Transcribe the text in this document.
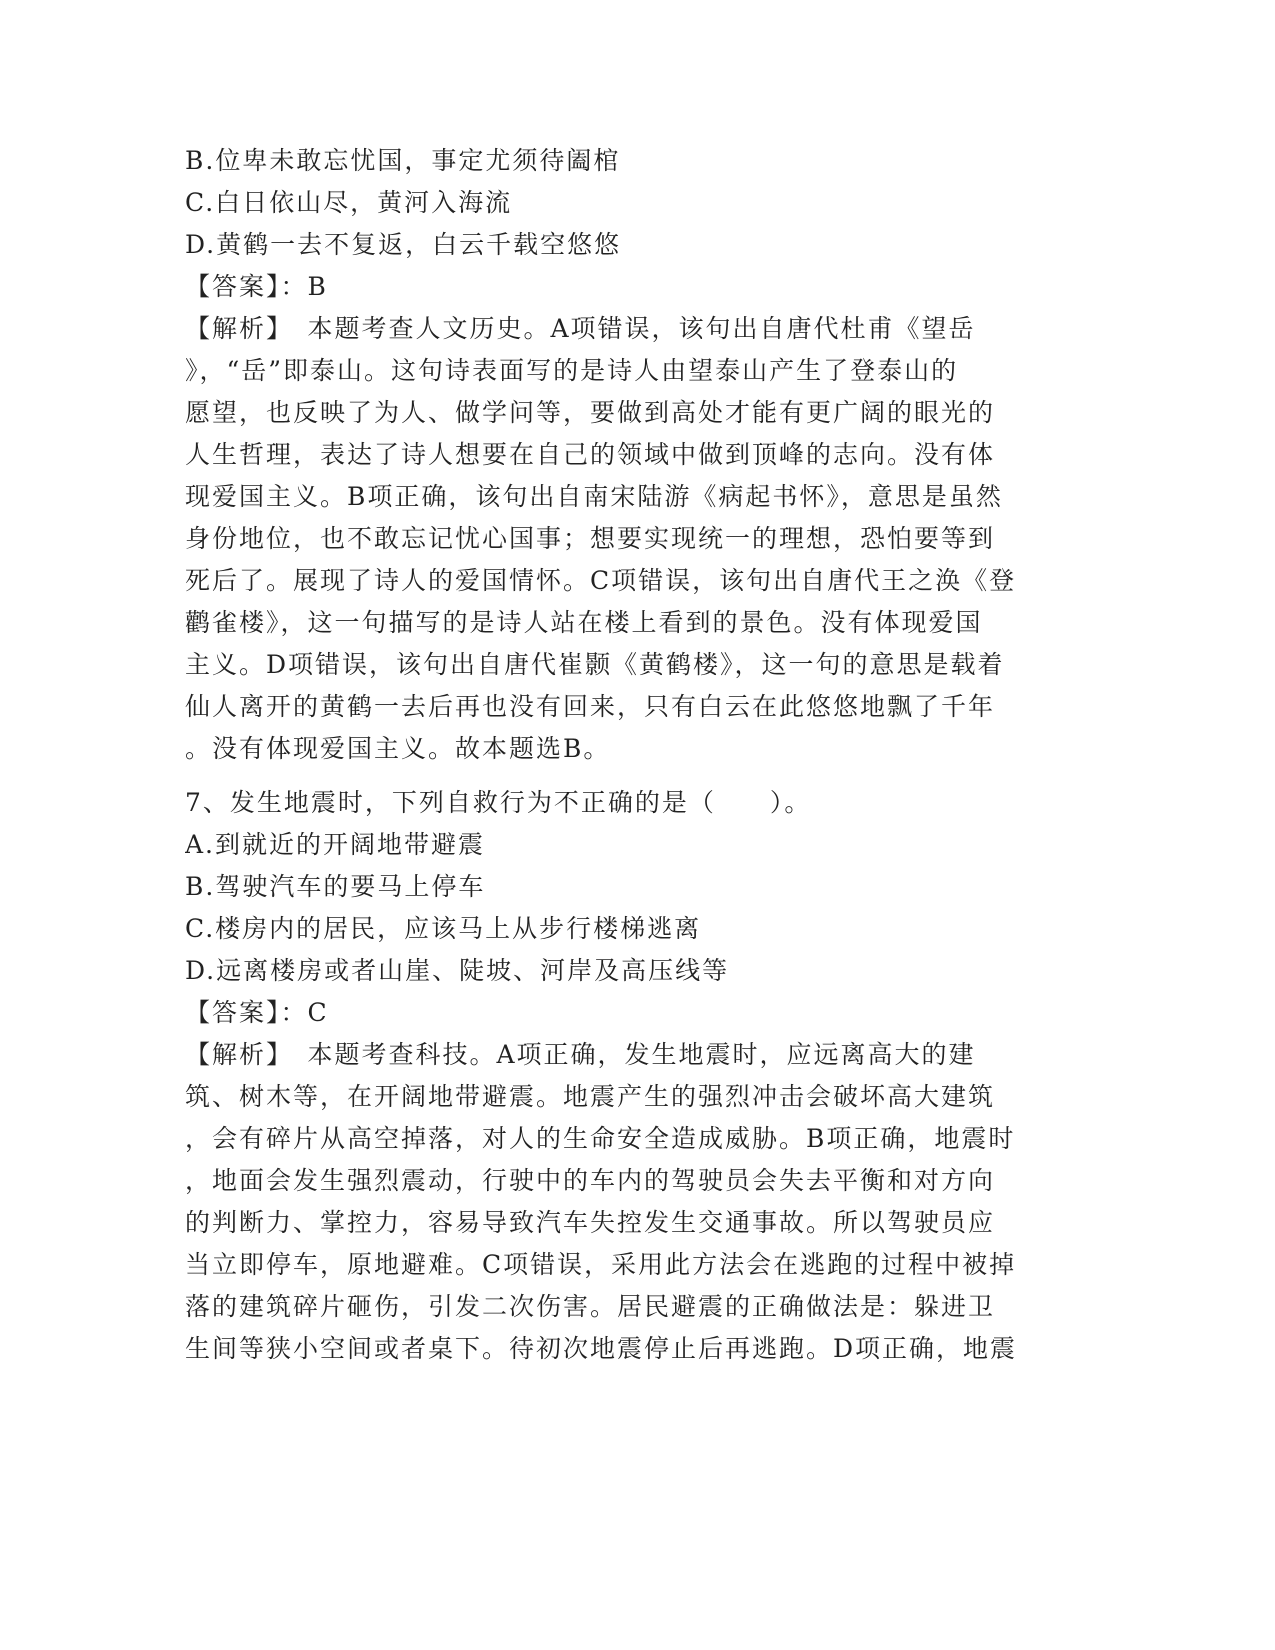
B.位卑未敢忘忧国，事定尤须待阖棺
C.白日依山尽，黄河入海流
D.黄鹤一去不复返，白云千载空悠悠
【答案】：B
【解析】　本题考查人文历史。A项错误，该句出自唐代杜甫《望岳
》，“岳”即泰山。这句诗表面写的是诗人由望泰山产生了登泰山的
愿望，也反映了为人、做学问等，要做到高处才能有更广阔的眼光的
人生哲理，表达了诗人想要在自己的领域中做到顶峰的志向。没有体
现爱国主义。B项正确，该句出自南宋陆游《病起书怀》，意思是虽然
身份地位，也不敢忘记忧心国事；想要实现统一的理想，恐怕要等到
死后了。展现了诗人的爱国情怀。C项错误，该句出自唐代王之涣《登
鹳雀楼》，这一句描写的是诗人站在楼上看到的景色。没有体现爱国
主义。D项错误，该句出自唐代崔颢《黄鹤楼》，这一句的意思是载着
仙人离开的黄鹤一去后再也没有回来，只有白云在此悠悠地飘了千年
。没有体现爱国主义。故本题选B。
7、发生地震时，下列自救行为不正确的是（　　）。
A.到就近的开阔地带避震
B.驾驶汽车的要马上停车
C.楼房内的居民，应该马上从步行楼梯逃离
D.远离楼房或者山崖、陡坡、河岸及高压线等
【答案】：C
【解析】　本题考查科技。A项正确，发生地震时，应远离高大的建
筑、树木等，在开阔地带避震。地震产生的强烈冲击会破坏高大建筑
，会有碎片从高空掉落，对人的生命安全造成威胁。B项正确，地震时
，地面会发生强烈震动，行驶中的车内的驾驶员会失去平衡和对方向
的判断力、掌控力，容易导致汽车失控发生交通事故。所以驾驶员应
当立即停车，原地避难。C项错误，采用此方法会在逃跑的过程中被掉
落的建筑碎片砸伤，引发二次伤害。居民避震的正确做法是：躲进卫
生间等狭小空间或者桌下。待初次地震停止后再逃跑。D项正确，地震
